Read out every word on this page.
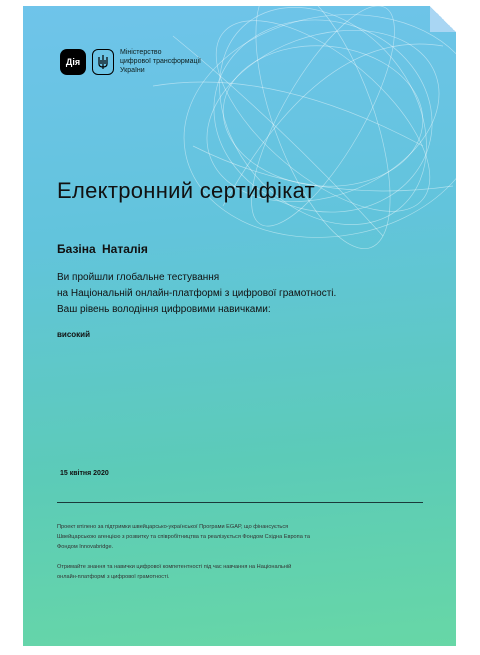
Дія
Міністерство
цифрової трансформації
України
Електронний сертифікат
Базіна Наталія
Ви пройшли глобальне тестування
на Національній онлайн-платформі з цифрової грамотності.
Ваш рівень володіння цифровими навичками:
високий
15 квітня 2020
Проект втілено за підтримки швейцарсько-української Програми EGAP, що фінансується
Швейцарською агенцією з розвитку та співробітництва та реалізується Фондом Східна Европа та
Фондом Innovabridge.
Отримайте знання та навички цифрової компетентності під час навчання на Національній
онлайн-платформі з цифрової грамотності.
